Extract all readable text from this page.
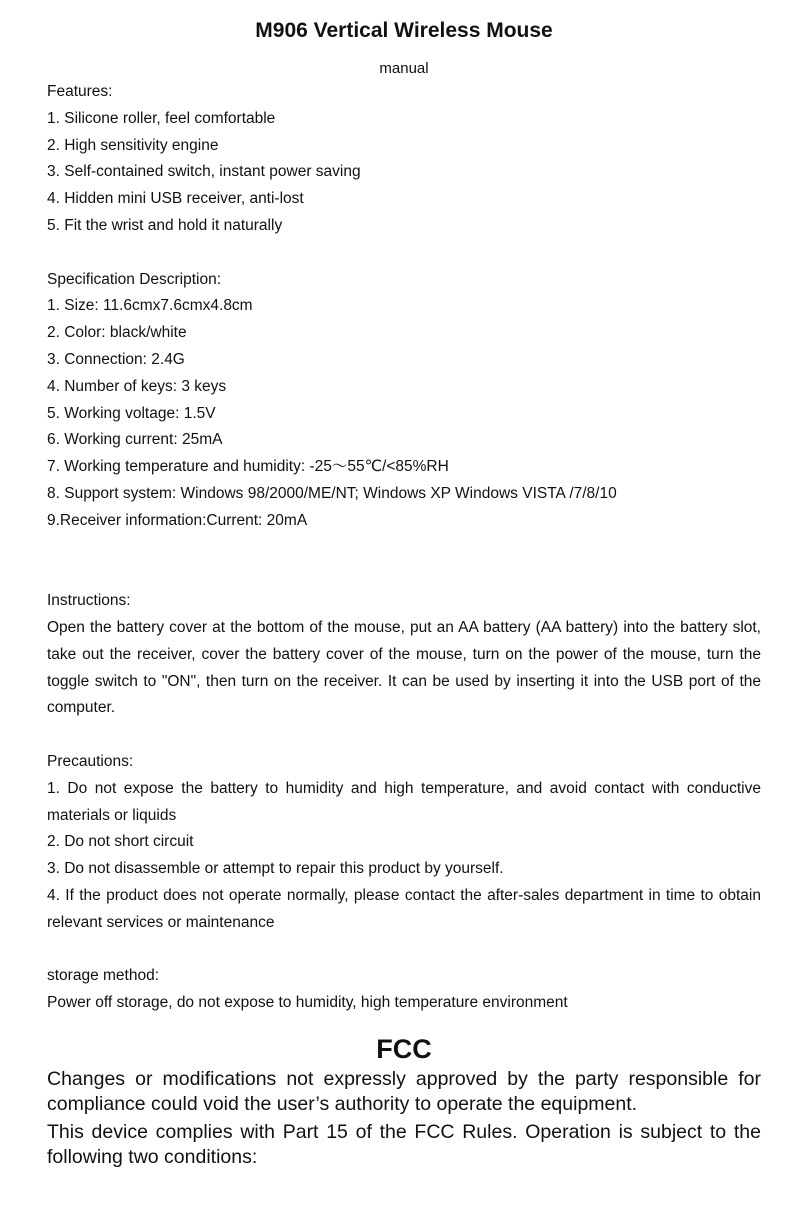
M906 Vertical Wireless Mouse
manual

Features:

1. Silicone roller, feel comfortable

2. High sensitivity engine

3. Self-contained switch, instant power saving

4. Hidden mini USB receiver, anti-lost

5. Fit the wrist and hold it naturally

Specification Description:

1. Size: 11.6cmx7.6cmx4.8cm

2. Color: black/white

3. Connection: 2.4G

4. Number of keys: 3 keys

5. Working voltage: 1.5V

6. Working current: 25mA

7. Working temperature and humidity: -25～55℃/<85%RH

8. Support system: Windows 98/2000/ME/NT; Windows XP Windows VISTA /7/8/10

9.Receiver information:Current: 20mA

Instructions:

Open the battery cover at the bottom of the mouse, put an AA battery (AA battery) into the battery slot, take out the receiver, cover the battery cover of the mouse, turn on the power of the mouse, turn the toggle switch to "ON", then turn on the receiver. It can be used by inserting it into the USB port of the computer.

Precautions:

1. Do not expose the battery to humidity and high temperature, and avoid contact with conductive materials or liquids

2. Do not short circuit

3. Do not disassemble or attempt to repair this product by yourself.

4. If the product does not operate normally, please contact the after-sales department in time to obtain relevant services or maintenance

storage method:

Power off storage, do not expose to humidity, high temperature environment

FCC

Changes or modifications not expressly approved by the party responsible for compliance could void the user’s authority to operate the equipment.

This device complies with Part 15 of the FCC Rules. Operation is subject to the following two conditions:
